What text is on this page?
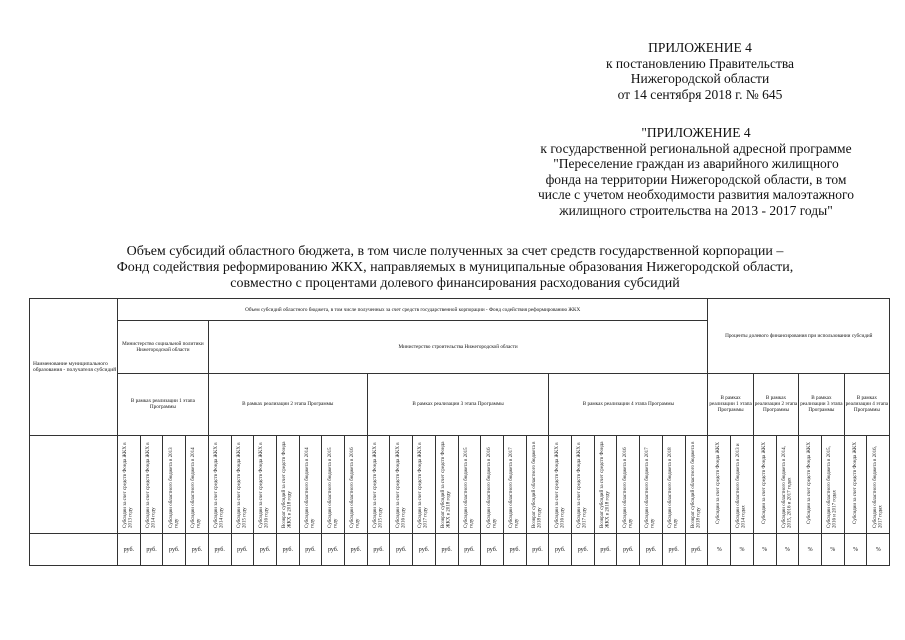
ПРИЛОЖЕНИЕ 4
к постановлению Правительства
Нижегородской области
от 14 сентября 2018 г. № 645
"ПРИЛОЖЕНИЕ 4
к государственной региональной адресной программе
"Переселение граждан из аварийного жилищного
фонда на территории Нижегородской области, в том
числе с учетом необходимости развития малоэтажного
жилищного строительства на 2013 - 2017 годы"
Объем субсидий областного бюджета, в том числе полученных за счет средств государственной корпорации –
Фонд содействия реформированию ЖКХ, направляемых в муниципальные образования Нижегородской области,
совместно с процентами долевого финансирования расходования субсидий
Наименование муниципального образования - получателя субсидий	Объем субсидий областного бюджета, в том числе полученных за счет средств государственной корпорации - Фонд содействия реформированию ЖКХ																										Проценты долевого финансирования при использовании субсидий							
	Министерство социальной политики Нижегородской области				Министерство строительства Нижегородской области																													
	В рамках реализации 1 этапа Программы				В рамках реализации 2 этапа Программы							В рамках реализации 3 этапа Программы								В рамках реализации 4 этапа Программы							В рамках реализации 1 этапа Программы		В рамках реализации 2 этапа Программы		В рамках реализации 3 этапа Программы		В рамках реализации 4 этапа Программы	
	Субсидии за счет средств Фонда ЖКХ в 2013 году	Субсидии за счет средств Фонда ЖКХ в 2014 году	Субсидии областного бюджета в 2013 году	Субсидии областного бюджета в 2014 году	Субсидии за счет средств Фонда ЖКХ в 2014 году	Субсидии за счет средств Фонда ЖКХ в 2015 году	Субсидии за счет средств Фонда ЖКХ в 2016 году	Возврат субсидий за счет средств Фонда ЖКХ в 2018 году	Субсидии областного бюджета в 2014 году	Субсидии областного бюджета в 2015 году	Субсидии областного бюджета в 2016 году	Субсидии за счет средств Фонда ЖКХ в 2015 году	Субсидии за счет средств Фонда ЖКХ в 2016 году	Субсидии за счет средств Фонда ЖКХ в 2017 году	Возврат субсидий за счет средств Фонда ЖКХ в 2018 году	Субсидии областного бюджета в 2015 году	Субсидии областного бюджета в 2016 году	Субсидии областного бюджета в 2017 году	Возврат субсидий областного бюджета в 2018 году	Субсидии за счет средств Фонда ЖКХ в 2016 году	Субсидии за счет средств Фонда ЖКХ в 2017 году	Возврат субсидий за счет средств Фонда ЖКХ в 2018 году	Субсидии областного бюджета в 2016 году	Субсидии областного бюджета в 2017 году	Субсидии областного бюджета в 2018 году	Возврат субсидий областного бюджета в 2018 году	Субсидии за счет средств Фонда ЖКХ	Субсидии областного бюджета в 2013 и 2014 годах	Субсидии за счет средств Фонда ЖКХ	Субсидии областного бюджета в 2014, 2015, 2016 и 2017 годах	Субсидии за счет средств Фонда ЖКХ	Субсидии областного бюджета в 2015, 2016 и 2017 годах	Субсидии за счет средств Фонда ЖКХ	Субсидии областного бюджета в 2016, 2017 годах
	руб.	руб.	руб.	руб.	руб.	руб.	руб.	руб.	руб.	руб.	руб.	руб.	руб.	руб.	руб.	руб.	руб.	руб.	руб.	руб.	руб.	руб.	руб.	руб.	руб.	руб.	%	%	%	%	%	%	%	%
